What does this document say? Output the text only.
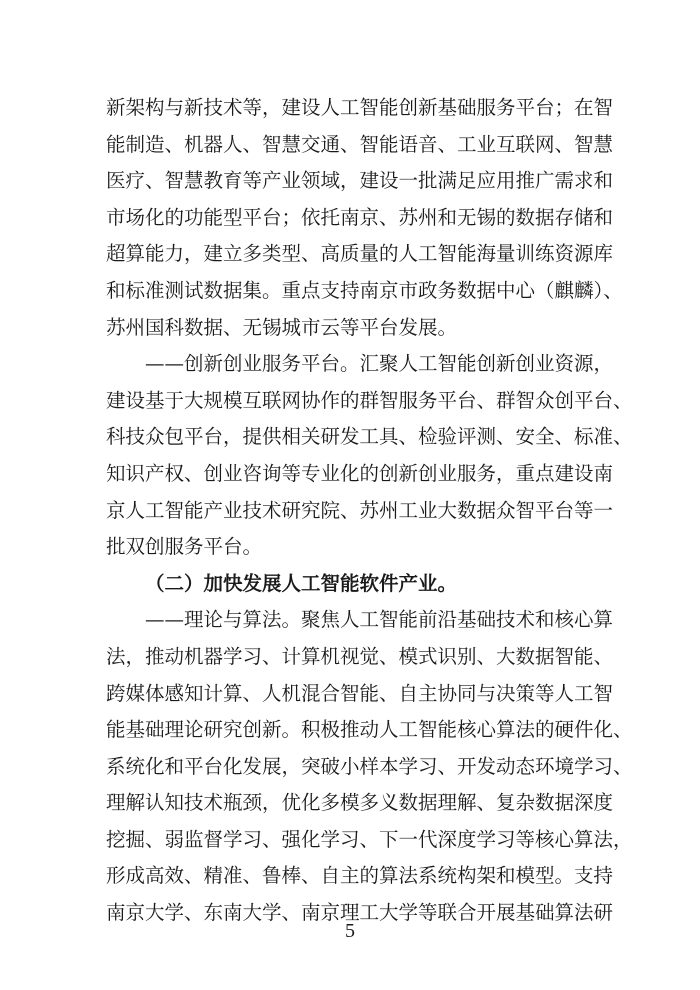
新架构与新技术等，建设人工智能创新基础服务平台；在智
能制造、机器人、智慧交通、智能语音、工业互联网、智慧
医疗、智慧教育等产业领域，建设一批满足应用推广需求和
市场化的功能型平台；依托南京、苏州和无锡的数据存储和
超算能力，建立多类型、高质量的人工智能海量训练资源库
和标准测试数据集。重点支持南京市政务数据中心（麒麟）、
苏州国科数据、无锡城市云等平台发展。
——创新创业服务平台。汇聚人工智能创新创业资源，
建设基于大规模互联网协作的群智服务平台、群智众创平台、
科技众包平台，提供相关研发工具、检验评测、安全、标准、
知识产权、创业咨询等专业化的创新创业服务，重点建设南
京人工智能产业技术研究院、苏州工业大数据众智平台等一
批双创服务平台。
（二）加快发展人工智能软件产业。
——理论与算法。聚焦人工智能前沿基础技术和核心算
法，推动机器学习、计算机视觉、模式识别、大数据智能、
跨媒体感知计算、人机混合智能、自主协同与决策等人工智
能基础理论研究创新。积极推动人工智能核心算法的硬件化、
系统化和平台化发展，突破小样本学习、开发动态环境学习、
理解认知技术瓶颈，优化多模多义数据理解、复杂数据深度
挖掘、弱监督学习、强化学习、下一代深度学习等核心算法，
形成高效、精准、鲁棒、自主的算法系统构架和模型。支持
南京大学、东南大学、南京理工大学等联合开展基础算法研
5
